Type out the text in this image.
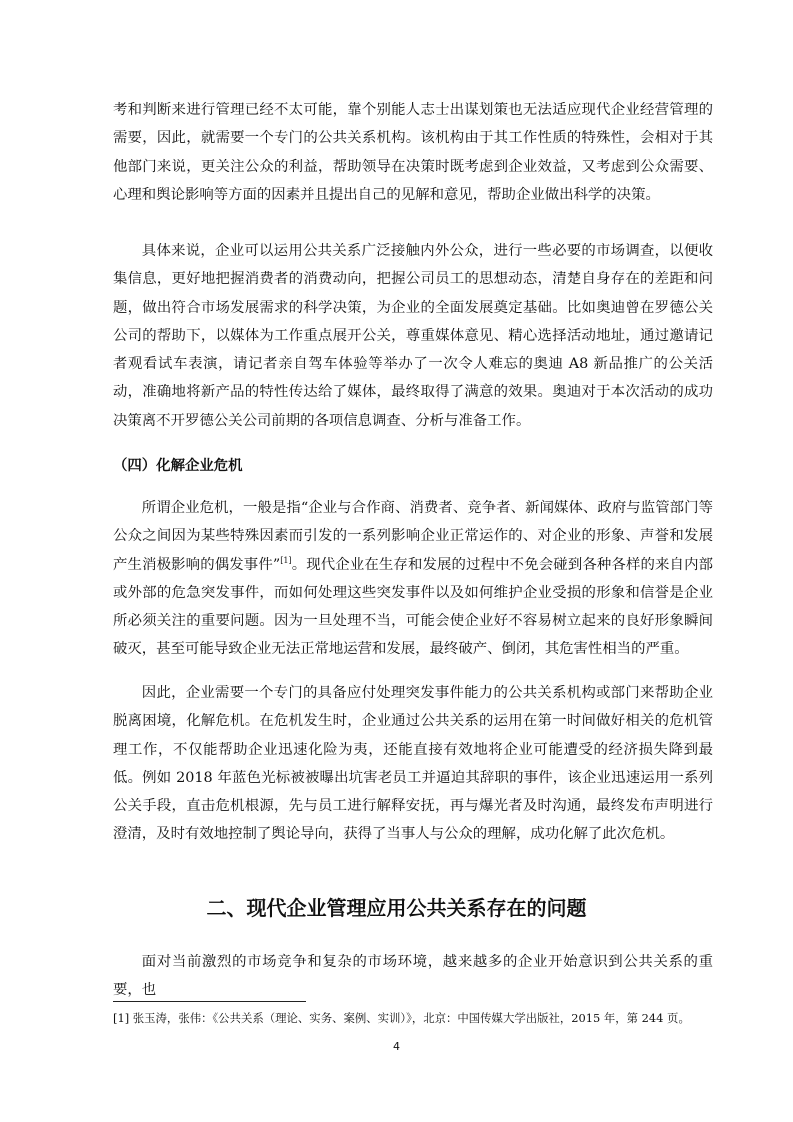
考和判断来进行管理已经不太可能，靠个别能人志士出谋划策也无法适应现代企业经营管理的需要，因此，就需要一个专门的公共关系机构。该机构由于其工作性质的特殊性，会相对于其他部门来说，更关注公众的利益，帮助领导在决策时既考虑到企业效益，又考虑到公众需要、心理和舆论影响等方面的因素并且提出自己的见解和意见，帮助企业做出科学的决策。

具体来说，企业可以运用公共关系广泛接触内外公众，进行一些必要的市场调查，以便收集信息，更好地把握消费者的消费动向，把握公司员工的思想动态，清楚自身存在的差距和问题，做出符合市场发展需求的科学决策，为企业的全面发展奠定基础。比如奥迪曾在罗德公关公司的帮助下，以媒体为工作重点展开公关，尊重媒体意见、精心选择活动地址，通过邀请记者观看试车表演，请记者亲自驾车体验等举办了一次令人难忘的奥迪 A8 新品推广的公关活动，准确地将新产品的特性传达给了媒体，最终取得了满意的效果。奥迪对于本次活动的成功决策离不开罗德公关公司前期的各项信息调查、分析与准备工作。

（四）化解企业危机

所谓企业危机，一般是指“企业与合作商、消费者、竞争者、新闻媒体、政府与监管部门等公众之间因为某些特殊因素而引发的一系列影响企业正常运作的、对企业的形象、声誉和发展产生消极影响的偶发事件”[1]。现代企业在生存和发展的过程中不免会碰到各种各样的来自内部或外部的危急突发事件，而如何处理这些突发事件以及如何维护企业受损的形象和信誉是企业所必须关注的重要问题。因为一旦处理不当，可能会使企业好不容易树立起来的良好形象瞬间破灭，甚至可能导致企业无法正常地运营和发展，最终破产、倒闭，其危害性相当的严重。

因此，企业需要一个专门的具备应付处理突发事件能力的公共关系机构或部门来帮助企业脱离困境，化解危机。在危机发生时，企业通过公共关系的运用在第一时间做好相关的危机管理工作，不仅能帮助企业迅速化险为夷，还能直接有效地将企业可能遭受的经济损失降到最低。例如 2018 年蓝色光标被被曝出坑害老员工并逼迫其辞职的事件，该企业迅速运用一系列公关手段，直击危机根源，先与员工进行解释安抚，再与爆光者及时沟通，最终发布声明进行澄清，及时有效地控制了舆论导向，获得了当事人与公众的理解，成功化解了此次危机。

二、现代企业管理应用公共关系存在的问题

面对当前激烈的市场竞争和复杂的市场环境，越来越多的企业开始意识到公共关系的重要，也

[1] 张玉涛，张伟：《公共关系（理论、实务、案例、实训）》，北京：中国传媒大学出版社，2015 年，第 244 页。

4
